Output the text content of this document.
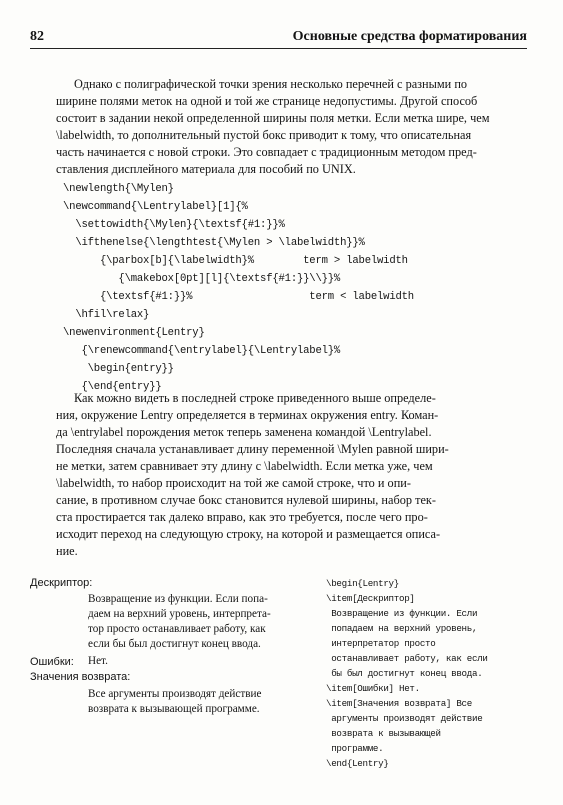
82	Основные средства форматирования
Однако с полиграфической точки зрения несколько перечней с разными по
ширине полями меток на одной и той же странице недопустимы. Другой способ
состоит в задании некой определенной ширины поля метки. Если метка шире, чем
\labelwidth, то дополнительный пустой бокс приводит к тому, что описательная
часть начинается с новой строки. Это совпадает с традиционным методом пред-
ставления дисплейного материала для пособий по UNIX.
\newlength{\Mylen}
\newcommand{\Lentrylabel}[1]{%
\settowidth{\Mylen}{\textsf{#1:}}%
\ifthenelse{\lengthtest{\Mylen > \labelwidth}}%
{\parbox[b]{\labelwidth}%        term > labelwidth
{\makebox[0pt][l]{\textsf{#1:}}\\}}%
{\textsf{#1:}}%                   term < labelwidth
\hfil\relax}
\newenvironment{Lentry}
{\renewcommand{\entrylabel}{\Lentrylabel}%
\begin{entry}}
{\end{entry}}
Как можно видеть в последней строке приведенного выше определе-
ния, окружение Lentry определяется в терминах окружения entry. Коман-
да \entrylabel порождения меток теперь заменена командой \Lentrylabel.
Последняя сначала устанавливает длину переменной \Mylen равной шири-
не метки, затем сравнивает эту длину с \labelwidth. Если метка уже, чем
\labelwidth, то набор происходит на той же самой строке, что и опи-
сание, в противном случае бокс становится нулевой ширины, набор тек-
ста простирается так далеко вправо, как это требуется, после чего про-
исходит переход на следующую строку, на которой и размещается описа-
ние.
Дескриптор:
Возвращение из функции. Если попа-
даем на верхний уровень, интерпрета-
тор просто останавливает работу, как
если бы был достигнут конец ввода.
Ошибки: Нет.
Значения возврата:
Все аргументы производят действие
возврата к вызывающей программе.
\begin{Lentry}
\item[Дескриптор]
Возвращение из функции. Если
попадаем на верхний уровень,
интерпретатор просто
останавливает работу, как если
бы был достигнут конец ввода.
\item[Ошибки] Нет.
\item[Значения возврата] Все
аргументы производят действие
возврата к вызывающей
программе.
\end{Lentry}
